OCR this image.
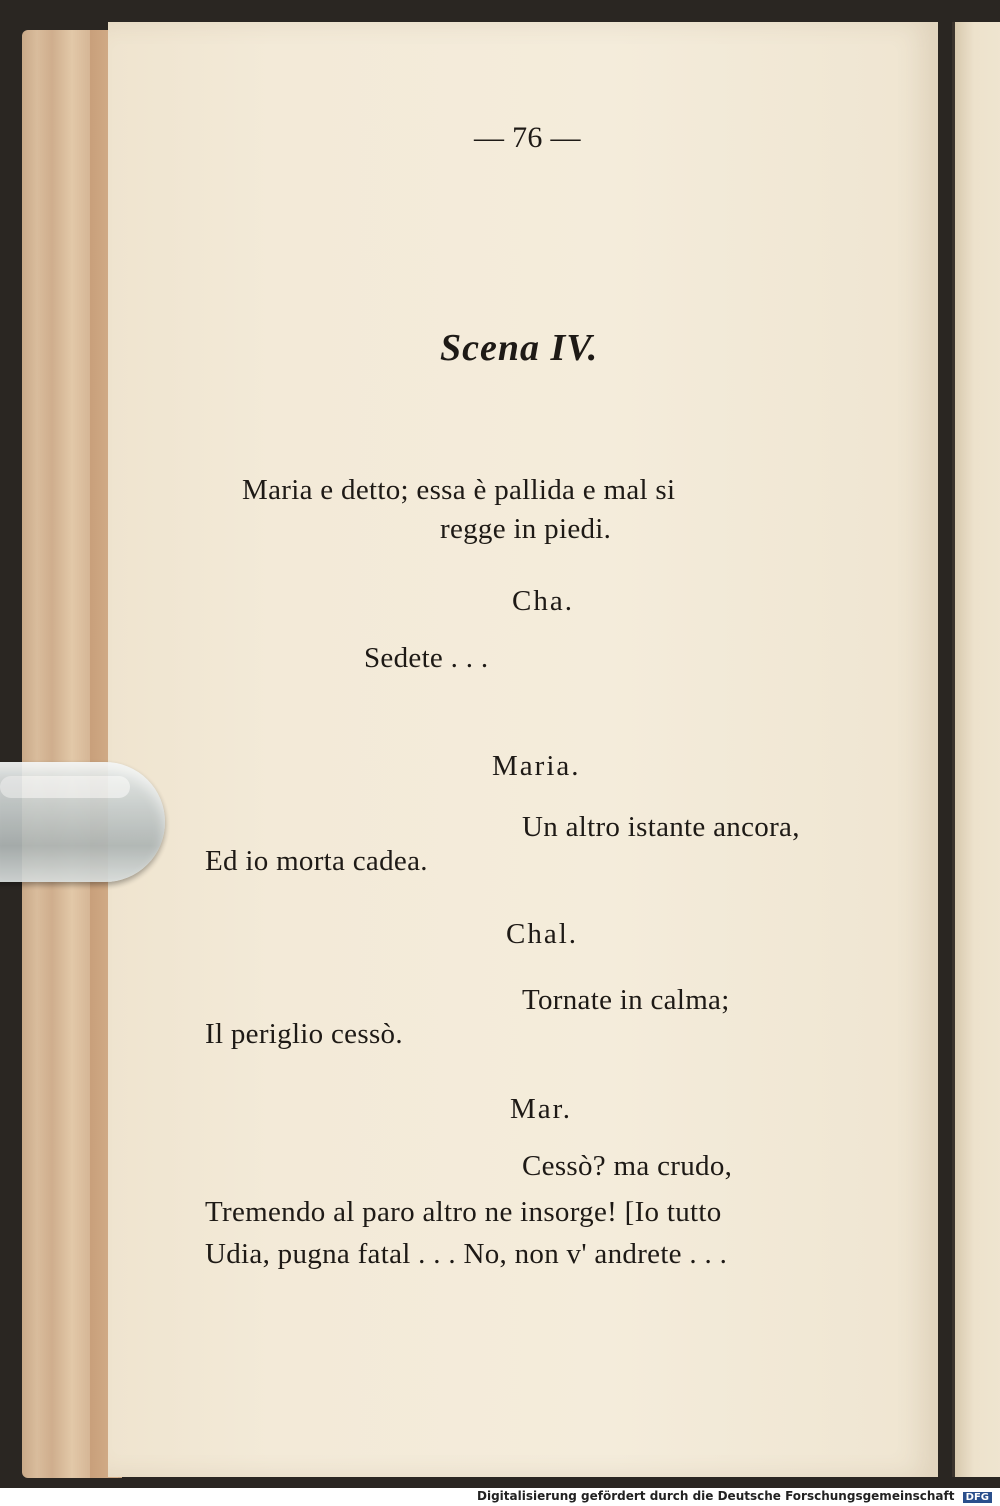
— 76 —
Scena IV.
Maria e detto; essa è pallida e mal si
regge in piedi.
Cha.
Sedete . . .
Maria.
Un altro istante ancora,
Ed io morta cadea.
Chal.
Tornate in calma;
Il periglio cessò.
Mar.
Cessò? ma crudo,
Tremendo al paro altro ne insorge! [Io tutto
Udia, pugna fatal . . . No, non v' andrete . . .
Digitalisierung gefördert durch die Deutsche Forschungsgemeinschaft DFG
